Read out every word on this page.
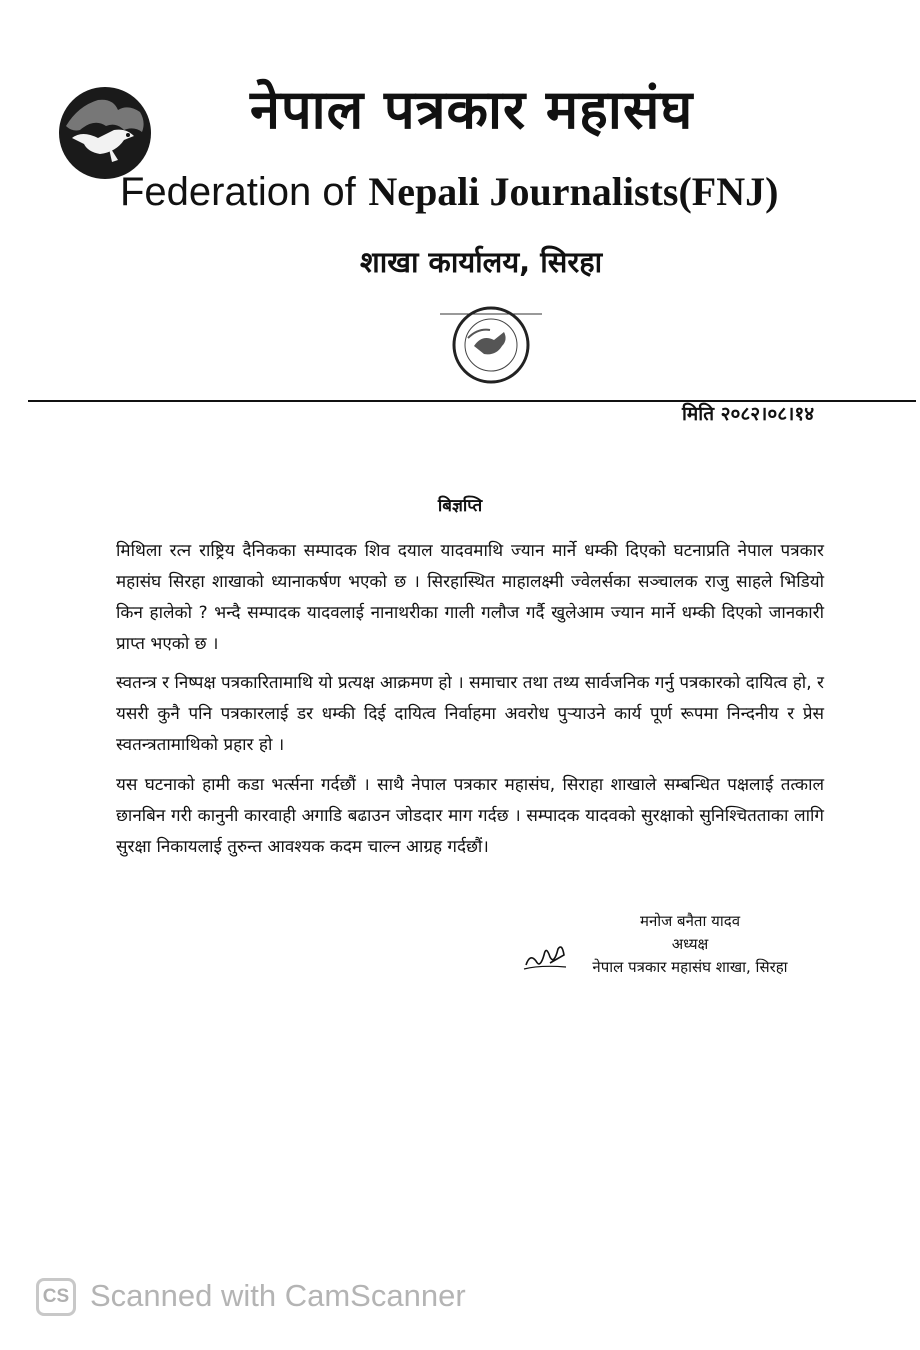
नेपाल पत्रकार महासंघ
Federation of Nepali Journalists(FNJ)
शाखा कार्यालय, सिरहा
मिति २०८२।०८।१४
बिज्ञप्ति

मिथिला रत्न राष्ट्रिय दैनिकका सम्पादक शिव दयाल यादवमाथि ज्यान मार्ने धम्की दिएको घटनाप्रति नेपाल पत्रकार महासंघ सिरहा शाखाको ध्यानाकर्षण भएको छ । सिरहास्थित माहालक्ष्मी ज्वेलर्सका सञ्चालक राजु साहले भिडियो किन हालेको ? भन्दै सम्पादक यादवलाई नानाथरीका गाली गलौज गर्दै खुलेआम ज्यान मार्ने धम्की दिएको जानकारी प्राप्त भएको छ ।

स्वतन्त्र र निष्पक्ष पत्रकारितामाथि यो प्रत्यक्ष आक्रमण हो । समाचार तथा तथ्य सार्वजनिक गर्नु पत्रकारको दायित्व हो, र यसरी कुनै पनि पत्रकारलाई डर धम्की दिई दायित्व निर्वाहमा अवरोध पुऱ्याउने कार्य पूर्ण रूपमा निन्दनीय र प्रेस स्वतन्त्रतामाथिको प्रहार हो ।

यस घटनाको हामी कडा भर्त्सना गर्दछौं । साथै नेपाल पत्रकार महासंघ, सिराहा शाखाले सम्बन्धित पक्षलाई तत्काल छानबिन गरी कानुनी कारवाही अगाडि बढाउन जोडदार माग गर्दछ । सम्पादक यादवको सुरक्षाको सुनिश्चितताका लागि सुरक्षा निकायलाई तुरुन्त आवश्यक कदम चाल्न आग्रह गर्दछौं।

मनोज बनैता यादव
अध्यक्ष
नेपाल पत्रकार महासंघ शाखा, सिरहा
CS Scanned with CamScanner
